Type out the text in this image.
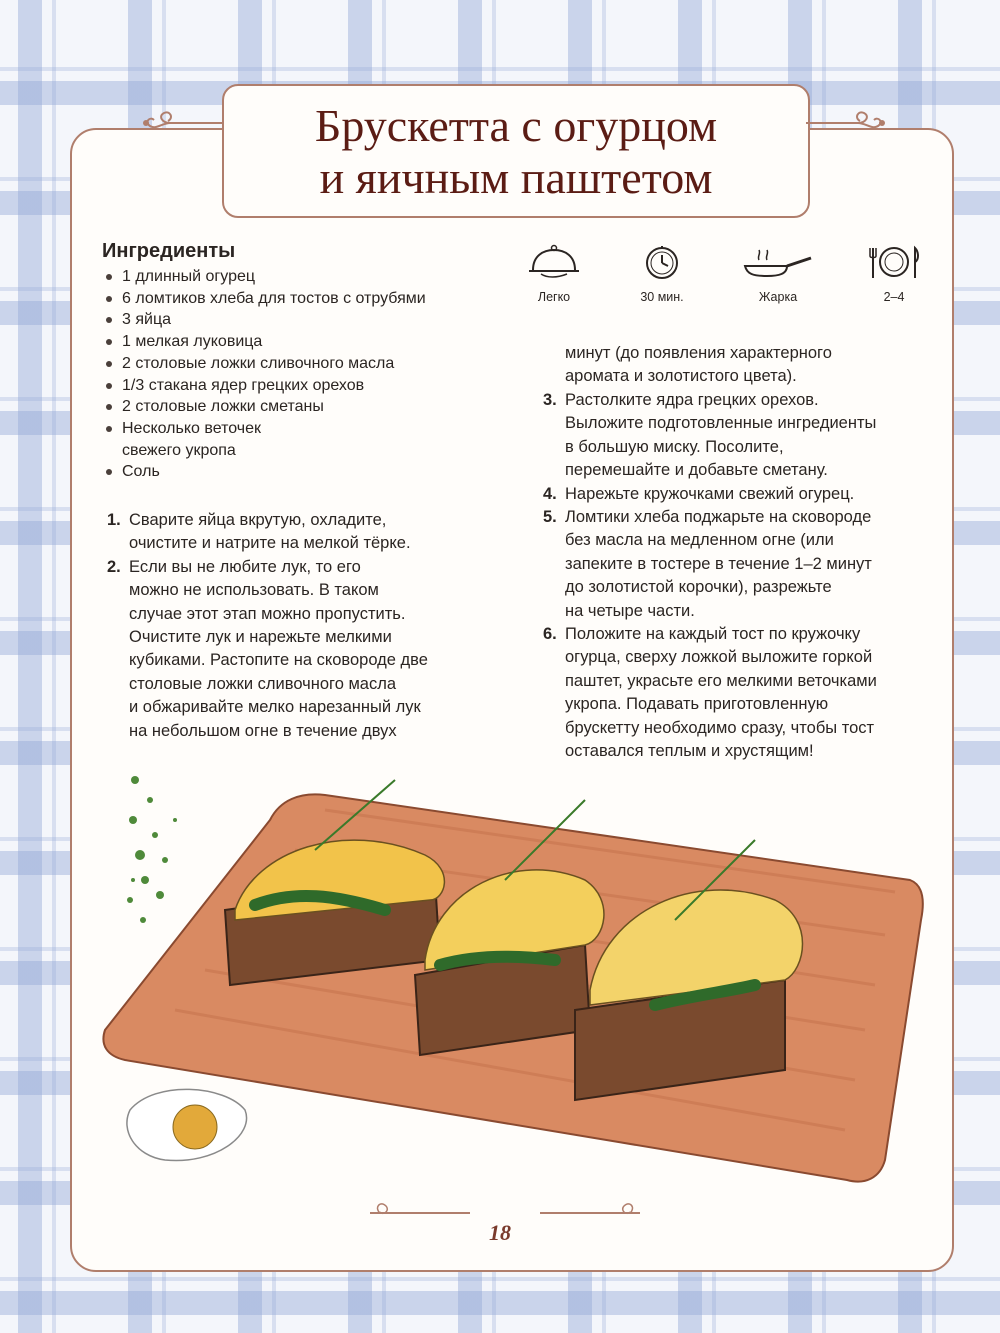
Брускетта с огурцом
и яичным паштетом
Ингредиенты
1 длинный огурец
6 ломтиков хлеба для тостов с отрубями
3 яйца
1 мелкая луковица
2 столовые ложки сливочного масла
1/3 стакана ядер грецких орехов
2 столовые ложки сметаны
Несколько веточек
свежего укропа
Соль
Легко	30 мин.	Жарка	2–4
1. Сварите яйца вкрутую, охладите,
очистите и натрите на мелкой тёрке.
2. Если вы не любите лук, то его
можно не использовать. В таком
случае этот этап можно пропустить.
Очистите лук и нарежьте мелкими
кубиками. Растопите на сковороде две
столовые ложки сливочного масла
и обжаривайте мелко нарезанный лук
на небольшом огне в течение двух
минут (до появления характерного
аромата и золотистого цвета).
3. Растолките ядра грецких орехов.
Выложите подготовленные ингредиенты
в большую миску. Посолите,
перемешайте и добавьте сметану.
4. Нарежьте кружочками свежий огурец.
5. Ломтики хлеба поджарьте на сковороде
без масла на медленном огне (или
запеките в тостере в течение 1–2 минут
до золотистой корочки), разрежьте
на четыре части.
6. Положите на каждый тост по кружочку
огурца, сверху ложкой выложите горкой
паштет, украсьте его мелкими веточками
укропа. Подавать приготовленную
брускетту необходимо сразу, чтобы тост
оставался теплым и хрустящим!
18
